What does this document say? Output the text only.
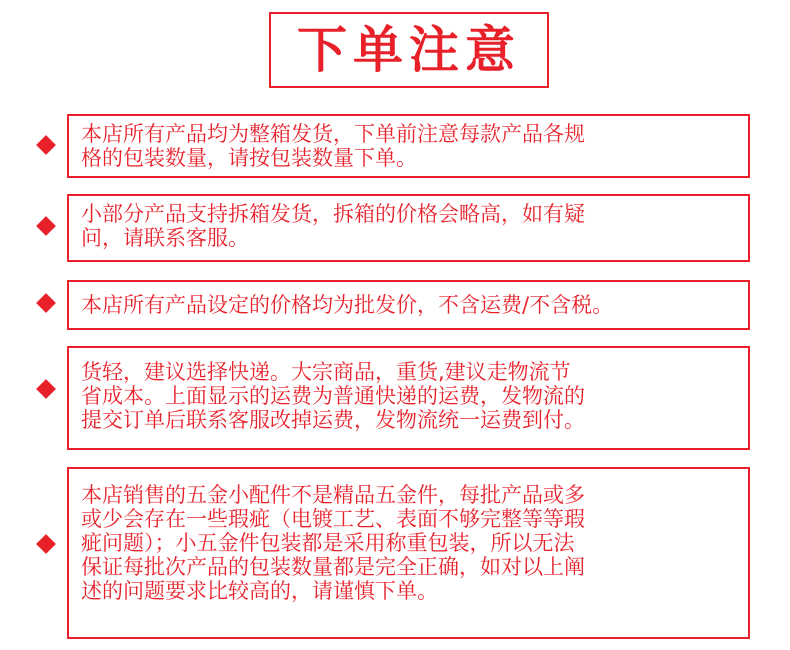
下单注意
本店所有产品均为整箱发货，下单前注意每款产品各规
格的包装数量，请按包装数量下单。
小部分产品支持拆箱发货，拆箱的价格会略高，如有疑
问，请联系客服。
本店所有产品设定的价格均为批发价，不含运费/不含税。
货轻，建议选择快递。大宗商品，重货,建议走物流节
省成本。上面显示的运费为普通快递的运费，发物流的
提交订单后联系客服改掉运费，发物流统一运费到付。
本店销售的五金小配件不是精品五金件，每批产品或多
或少会存在一些瑕疵（电镀工艺、表面不够完整等等瑕
疵问题）；小五金件包装都是采用称重包装，所以无法
保证每批次产品的包装数量都是完全正确，如对以上阐
述的问题要求比较高的，请谨慎下单。
